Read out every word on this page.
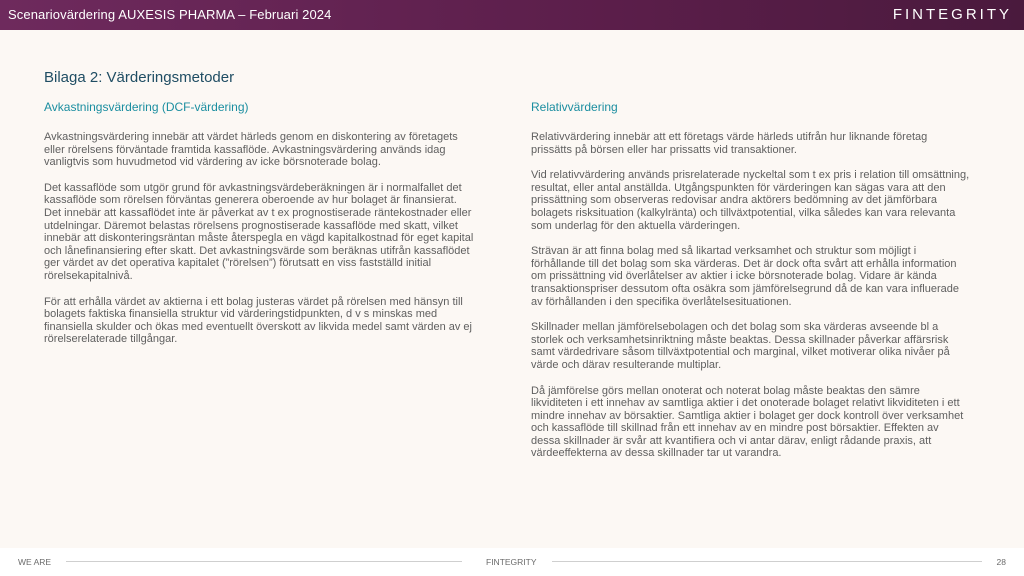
Scenariovärdering AUXESIS PHARMA – Februari 2024	FINTEGRITY
Bilaga 2: Värderingsmetoder
Avkastningsvärdering (DCF-värdering)

Avkastningsvärdering innebär att värdet härleds genom en diskontering av företagets eller rörelsens förväntade framtida kassaflöde. Avkastningsvärdering används idag vanligtvis som huvudmetod vid värdering av icke börsnoterade bolag.

Det kassaflöde som utgör grund för avkastningsvärdeberäkningen är i normalfallet det kassaflöde som rörelsen förväntas generera oberoende av hur bolaget är finansierat. Det innebär att kassaflödet inte är påverkat av t ex prognostiserade räntekostnader eller utdelningar. Däremot belastas rörelsens prognostiserade kassaflöde med skatt, vilket innebär att diskonteringsräntan måste återspegla en vägd kapitalkostnad för eget kapital och lånefinansiering efter skatt. Det avkastningsvärde som beräknas utifrån kassaflödet ger värdet av det operativa kapitalet (”rörelsen”) förutsatt en viss fastställd initial rörelsekapitalnivå.

För att erhålla värdet av aktierna i ett bolag justeras värdet på rörelsen med hänsyn till bolagets faktiska finansiella struktur vid värderingstidpunkten, d v s minskas med finansiella skulder och ökas med eventuellt överskott av likvida medel samt värden av ej rörelserelaterade tillgångar.

Relativvärdering

Relativvärdering innebär att ett företags värde härleds utifrån hur liknande företag prissätts på börsen eller har prissatts vid transaktioner.

Vid relativvärdering används prisrelaterade nyckeltal som t ex pris i relation till omsättning, resultat, eller antal anställda. Utgångspunkten för värderingen kan sägas vara att den prissättning som observeras redovisar andra aktörers bedömning av det jämförbara bolagets risksituation (kalkylränta) och tillväxtpotential, vilka således kan vara relevanta som underlag för den aktuella värderingen.

Strävan är att finna bolag med så likartad verksamhet och struktur som möjligt i förhållande till det bolag som ska värderas. Det är dock ofta svårt att erhålla information om prissättning vid överlåtelser av aktier i icke börsnoterade bolag. Vidare är kända transaktionspriser dessutom ofta osäkra som jämförelsegrund då de kan vara influerade av förhållanden i den specifika överlåtelsesituationen.

Skillnader mellan jämförelsebolagen och det bolag som ska värderas avseende bl a storlek och verksamhetsinriktning måste beaktas. Dessa skillnader påverkar affärsrisk samt värdedrivare såsom tillväxtpotential och marginal, vilket motiverar olika nivåer på värde och därav resulterande multiplar.

Då jämförelse görs mellan onoterat och noterat bolag måste beaktas den sämre likviditeten i ett innehav av samtliga aktier i det onoterade bolaget relativt likviditeten i ett mindre innehav av börsaktier. Samtliga aktier i bolaget ger dock kontroll över verksamhet och kassaflöde till skillnad från ett innehav av en mindre post börsaktier. Effekten av dessa skillnader är svår att kvantifiera och vi antar därav, enligt rådande praxis, att värdeeffekterna av dessa skillnader tar ut varandra.

WE ARE	FINTEGRITY	28
